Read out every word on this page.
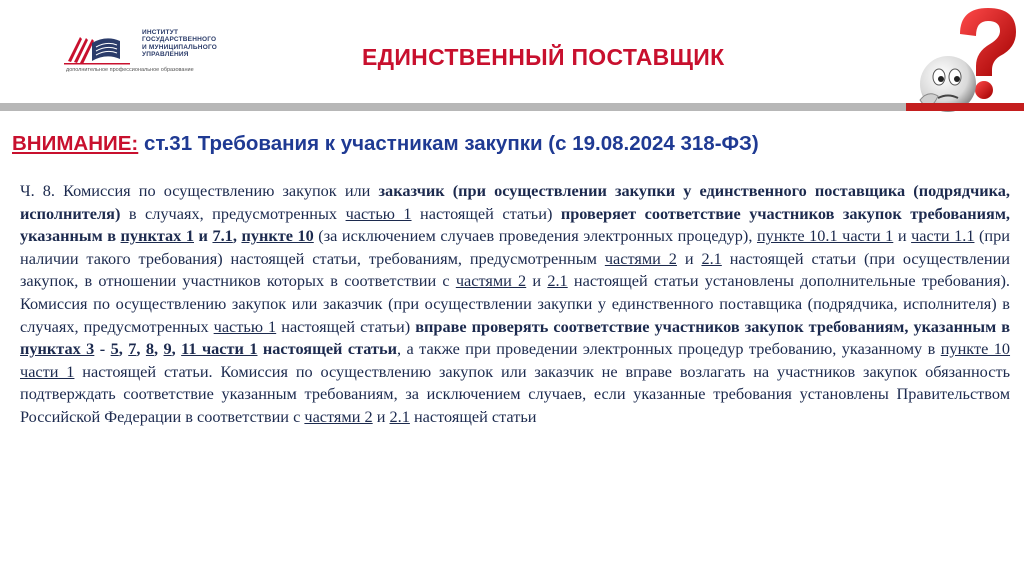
ИНСТИТУТ
ГОСУДАРСТВЕННОГО
И МУНИЦИПАЛЬНОГО
УПРАВЛЕНИЯ
дополнительное профессиональное образование	ЕДИНСТВЕННЫЙ ПОСТАВЩИК
ВНИМАНИЕ: ст.31 Требования к участникам закупки (с 19.08.2024 318-ФЗ)
Ч. 8. Комиссия по осуществлению закупок или заказчик (при осуществлении закупки у единственного поставщика (подрядчика, исполнителя) в случаях, предусмотренных частью 1 настоящей статьи) проверяет соответствие участников закупок требованиям, указанным в пунктах 1 и 7.1, пункте 10 (за исключением случаев проведения электронных процедур), пункте 10.1 части 1 и части 1.1 (при наличии такого требования) настоящей статьи, требованиям, предусмотренным частями 2 и 2.1 настоящей статьи (при осуществлении закупок, в отношении участников которых в соответствии с частями 2 и 2.1 настоящей статьи установлены дополнительные требования). Комиссия по осуществлению закупок или заказчик (при осуществлении закупки у единственного поставщика (подрядчика, исполнителя) в случаях, предусмотренных частью 1 настоящей статьи) вправе проверять соответствие участников закупок требованиям, указанным в пунктах 3 - 5, 7, 8, 9, 11 части 1 настоящей статьи, а также при проведении электронных процедур требованию, указанному в пункте 10 части 1 настоящей статьи. Комиссия по осуществлению закупок или заказчик не вправе возлагать на участников закупок обязанность подтверждать соответствие указанным требованиям, за исключением случаев, если указанные требования установлены Правительством Российской Федерации в соответствии с частями 2 и 2.1 настоящей статьи
